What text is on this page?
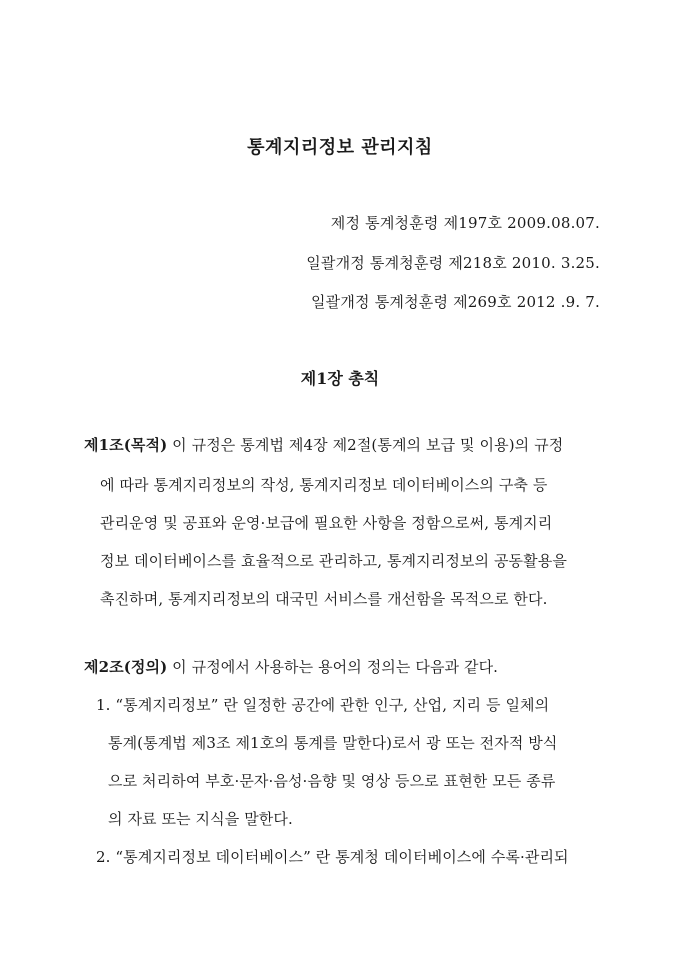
통계지리정보 관리지침
제정 통계청훈령 제197호 2009.08.07.
일괄개정 통계청훈령 제218호 2010. 3.25.
일괄개정 통계청훈령 제269호 2012 .9. 7.
제1장 총칙
제1조(목적) 이 규정은 통계법 제4장 제2절(통계의 보급 및 이용)의 규정
에 따라 통계지리정보의 작성, 통계지리정보 데이터베이스의 구축 등
관리운영 및 공표와 운영·보급에 필요한 사항을 정함으로써, 통계지리
정보 데이터베이스를 효율적으로 관리하고, 통계지리정보의 공동활용을
촉진하며, 통계지리정보의 대국민 서비스를 개선함을 목적으로 한다.
제2조(정의) 이 규정에서 사용하는 용어의 정의는 다음과 같다.
1. “통계지리정보” 란 일정한 공간에 관한 인구, 산업, 지리 등 일체의
통계(통계법 제3조 제1호의 통계를 말한다)로서 광 또는 전자적 방식
으로 처리하여 부호·문자·음성·음향 및 영상 등으로 표현한 모든 종류
의 자료 또는 지식을 말한다.
2. “통계지리정보 데이터베이스” 란 통계청 데이터베이스에 수록·관리되
